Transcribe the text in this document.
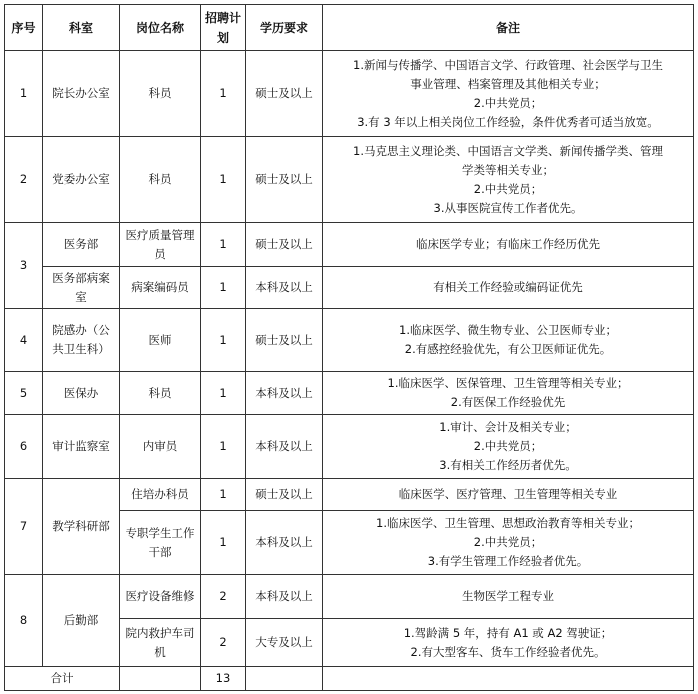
序号	科室	岗位名称	招聘计划	学历要求	备注
1	院长办公室	科员	1	硕士及以上	1.新闻与传播学、中国语言文学、行政管理、社会医学与卫生
事业管理、档案管理及其他相关专业；
2.中共党员；
3.有 3 年以上相关岗位工作经验，条件优秀者可适当放宽。

2	党委办公室	科员	1	硕士及以上	1.马克思主义理论类、中国语言文学类、新闻传播学类、管理
学类等相关专业；
2.中共党员；
3.从事医院宣传工作者优先。

3	医务部	医疗质量管理员	1	硕士及以上	临床医学专业；有临床工作经历优先

	医务部病案室	病案编码员	1	本科及以上	有相关工作经验或编码证优先

4	院感办（公共卫生科）	医师	1	硕士及以上	1.临床医学、微生物专业、公卫医师专业；
2.有感控经验优先，有公卫医师证优先。

5	医保办	科员	1	本科及以上	1.临床医学、医保管理、卫生管理等相关专业；
2.有医保工作经验优先

6	审计监察室	内审员	1	本科及以上	1.审计、会计及相关专业；
2.中共党员；
3.有相关工作经历者优先。

7	教学科研部	住培办科员	1	硕士及以上	临床医学、医疗管理、卫生管理等相关专业

		专职学生工作干部	1	本科及以上	1.临床医学、卫生管理、思想政治教育等相关专业；
2.中共党员；
3.有学生管理工作经验者优先。

8	后勤部	医疗设备维修	2	本科及以上	生物医学工程专业

		院内救护车司机	2	大专及以上	1.驾龄满 5 年，持有 A1 或 A2 驾驶证；
2.有大型客车、货车工作经验者优先。

合计			13		
